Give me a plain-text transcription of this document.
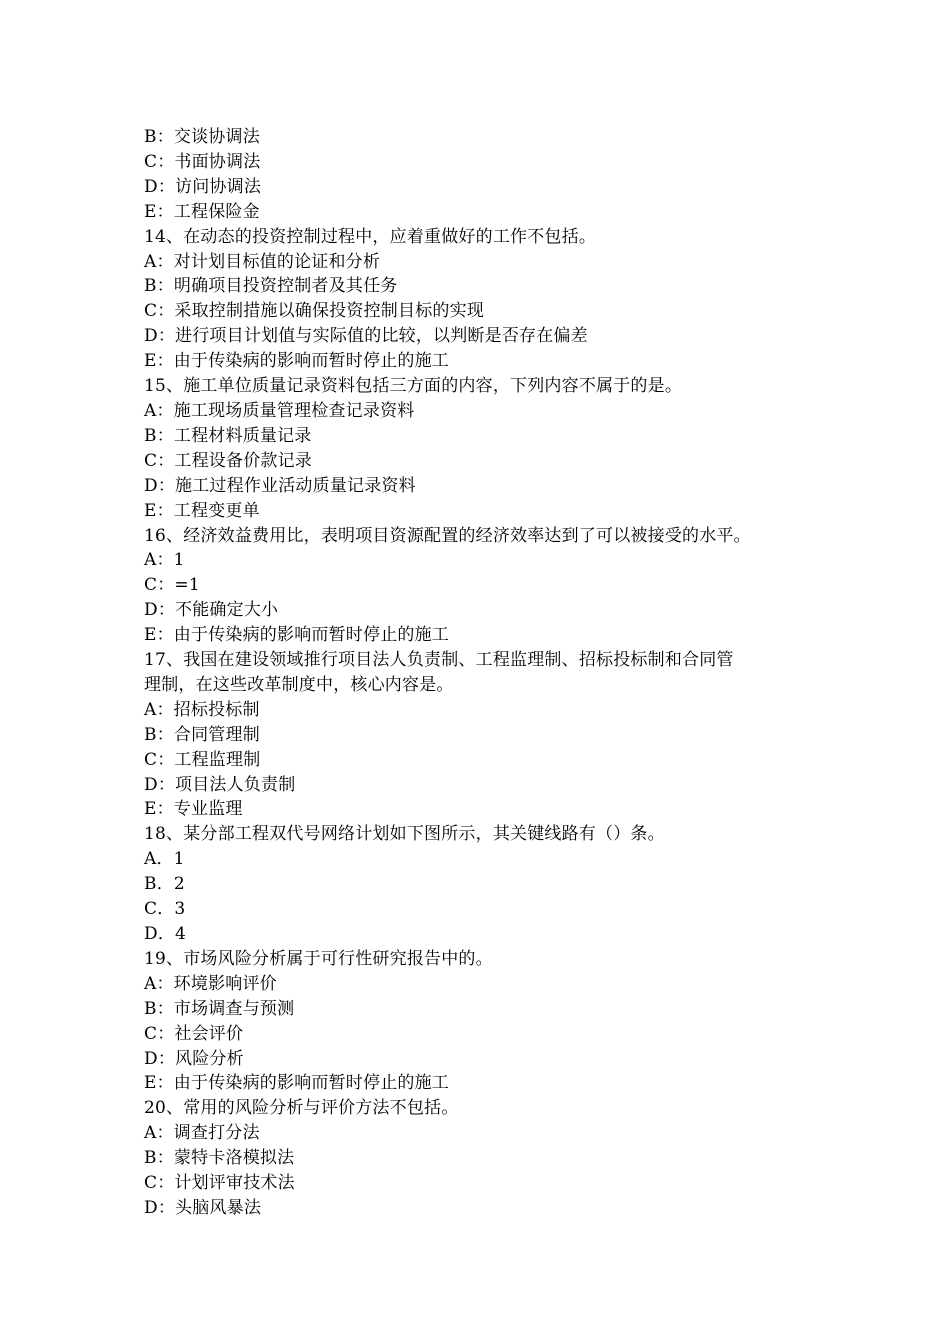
B：交谈协调法
C：书面协调法
D：访问协调法
E：工程保险金
14、在动态的投资控制过程中，应着重做好的工作不包括。
A：对计划目标值的论证和分析
B：明确项目投资控制者及其任务
C：采取控制措施以确保投资控制目标的实现
D：进行项目计划值与实际值的比较，以判断是否存在偏差
E：由于传染病的影响而暂时停止的施工
15、施工单位质量记录资料包括三方面的内容，下列内容不属于的是。
A：施工现场质量管理检查记录资料
B：工程材料质量记录
C：工程设备价款记录
D：施工过程作业活动质量记录资料
E：工程变更单
16、经济效益费用比，表明项目资源配置的经济效率达到了可以被接受的水平。
A：1
C：=1
D：不能确定大小
E：由于传染病的影响而暂时停止的施工
17、我国在建设领域推行项目法人负责制、工程监理制、招标投标制和合同管
理制，在这些改革制度中，核心内容是。
A：招标投标制
B：合同管理制
C：工程监理制
D：项目法人负责制
E：专业监理
18、某分部工程双代号网络计划如下图所示，其关键线路有（）条。
A．1
B．2
C．3
D．4
19、市场风险分析属于可行性研究报告中的。
A：环境影响评价
B：市场调查与预测
C：社会评价
D：风险分析
E：由于传染病的影响而暂时停止的施工
20、常用的风险分析与评价方法不包括。
A：调查打分法
B：蒙特卡洛模拟法
C：计划评审技术法
D：头脑风暴法
